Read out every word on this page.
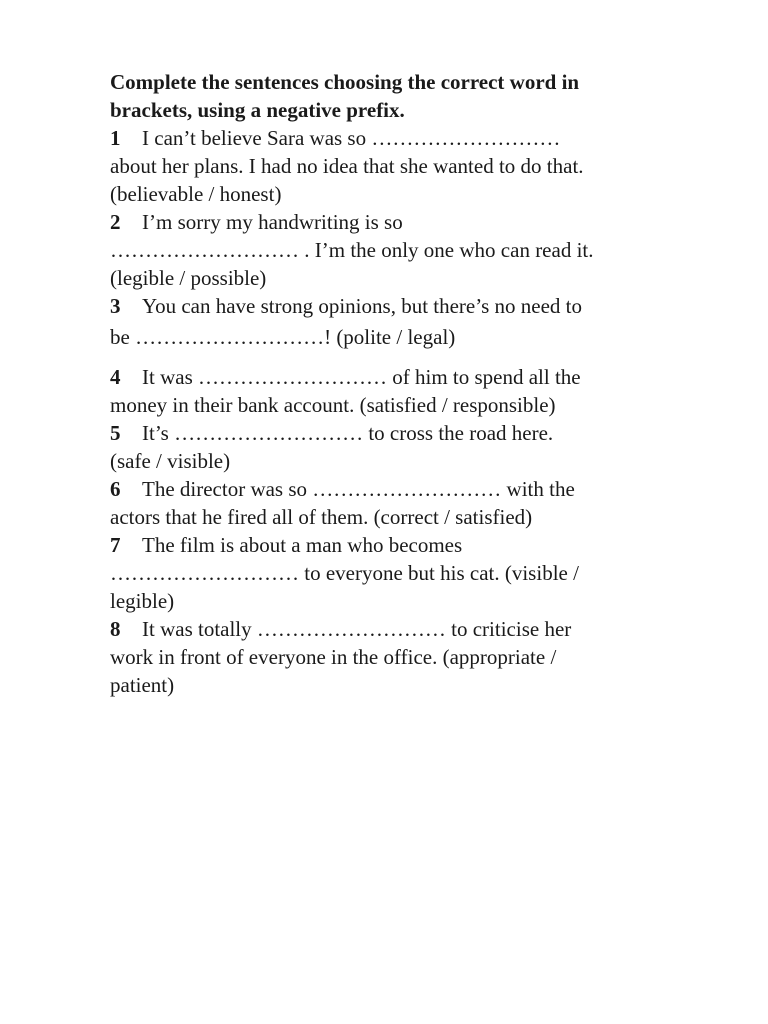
Complete the sentences choosing the correct word in
brackets, using a negative prefix.
1 I can’t believe Sara was so ………………………
about her plans. I had no idea that she wanted to do that.
(believable / honest)
2 I’m sorry my handwriting is so
……………………… . I’m the only one who can read it.
(legible / possible)
3 You can have strong opinions, but there’s no need to
be ………………………! (polite / legal)
4 It was ……………………… of him to spend all the
money in their bank account. (satisfied / responsible)
5 It’s ……………………… to cross the road here.
(safe / visible)
6 The director was so ……………………… with the
actors that he fired all of them. (correct / satisfied)
7 The film is about a man who becomes
……………………… to everyone but his cat. (visible /
legible)
8 It was totally ……………………… to criticise her
work in front of everyone in the office. (appropriate /
patient)
